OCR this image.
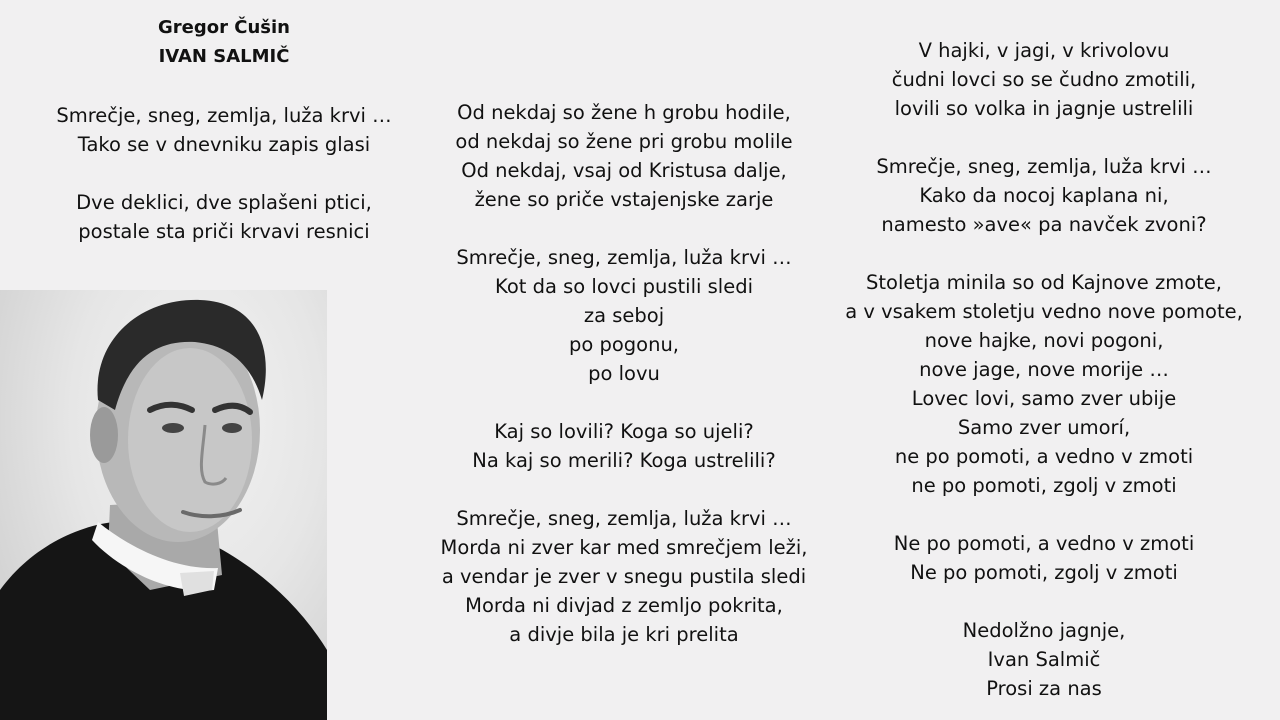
Gregor Čušin
IVAN SALMIČ
Smrečje, sneg, zemlja, luža krvi …
Tako se v dnevniku zapis glasi
Dve deklici, dve splašeni ptici,
postale sta priči krvavi resnici
Od nekdaj so žene h grobu hodile,
od nekdaj so žene pri grobu molile
Od nekdaj, vsaj od Kristusa dalje,
žene so priče vstajenjske zarje
Smrečje, sneg, zemlja, luža krvi …
Kot da so lovci pustili sledi
za seboj
po pogonu,
po lovu
Kaj so lovili? Koga so ujeli?
Na kaj so merili? Koga ustrelili?
Smrečje, sneg, zemlja, luža krvi …
Morda ni zver kar med smrečjem leži,
a vendar je zver v snegu pustila sledi
Morda ni divjad z zemljo pokrita,
a divje bila je kri prelita
V hajki, v jagi, v krivolovu
čudni lovci so se čudno zmotili,
lovili so volka in jagnje ustrelili
Smrečje, sneg, zemlja, luža krvi …
Kako da nocoj kaplana ni,
namesto »ave« pa navček zvoni?
Stoletja minila so od Kajnove zmote,
a v vsakem stoletju vedno nove pomote,
nove hajke, novi pogoni,
nove jage, nove morije …
Lovec lovi, samo zver ubije
Samo zver umorí,
ne po pomoti, a vedno v zmoti
ne po pomoti, zgolj v zmoti
Ne po pomoti, a vedno v zmoti
Ne po pomoti, zgolj v zmoti
Nedolžno jagnje,
Ivan Salmič
Prosi za nas
